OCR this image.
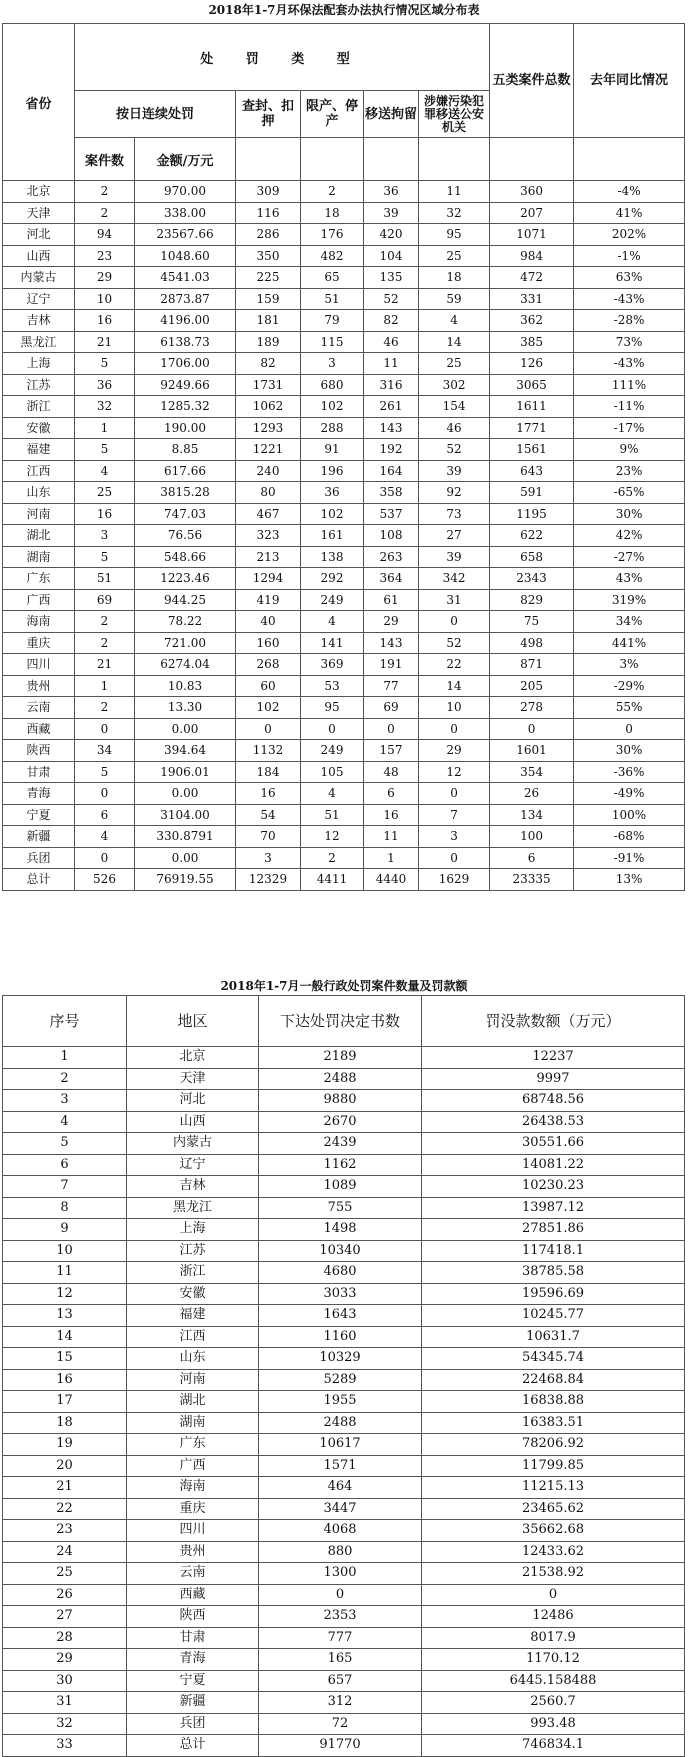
2018年1-7月环保法配套办法执行情况区域分布表
省份	处 罚 类 型						五类案件总数	去年同比情况
	按日连续处罚		查封、扣押	限产、停产	移送拘留	涉嫌污染犯罪移送公安机关		
	案件数	金额/万元						
北京	2	970.00	309	2	36	11	360	-4%
天津	2	338.00	116	18	39	32	207	41%
河北	94	23567.66	286	176	420	95	1071	202%
山西	23	1048.60	350	482	104	25	984	-1%
内蒙古	29	4541.03	225	65	135	18	472	63%
辽宁	10	2873.87	159	51	52	59	331	-43%
吉林	16	4196.00	181	79	82	4	362	-28%
黑龙江	21	6138.73	189	115	46	14	385	73%
上海	5	1706.00	82	3	11	25	126	-43%
江苏	36	9249.66	1731	680	316	302	3065	111%
浙江	32	1285.32	1062	102	261	154	1611	-11%
安徽	1	190.00	1293	288	143	46	1771	-17%
福建	5	8.85	1221	91	192	52	1561	9%
江西	4	617.66	240	196	164	39	643	23%
山东	25	3815.28	80	36	358	92	591	-65%
河南	16	747.03	467	102	537	73	1195	30%
湖北	3	76.56	323	161	108	27	622	42%
湖南	5	548.66	213	138	263	39	658	-27%
广东	51	1223.46	1294	292	364	342	2343	43%
广西	69	944.25	419	249	61	31	829	319%
海南	2	78.22	40	4	29	0	75	34%
重庆	2	721.00	160	141	143	52	498	441%
四川	21	6274.04	268	369	191	22	871	3%
贵州	1	10.83	60	53	77	14	205	-29%
云南	2	13.30	102	95	69	10	278	55%
西藏	0	0.00	0	0	0	0	0	0
陕西	34	394.64	1132	249	157	29	1601	30%
甘肃	5	1906.01	184	105	48	12	354	-36%
青海	0	0.00	16	4	6	0	26	-49%
宁夏	6	3104.00	54	51	16	7	134	100%
新疆	4	330.8791	70	12	11	3	100	-68%
兵团	0	0.00	3	2	1	0	6	-91%
总计	526	76919.55	12329	4411	4440	1629	23335	13%
2018年1-7月一般行政处罚案件数量及罚款额
序号	地区	下达处罚决定书数	罚没款数额（万元）
1	北京	2189	12237
2	天津	2488	9997
3	河北	9880	68748.56
4	山西	2670	26438.53
5	内蒙古	2439	30551.66
6	辽宁	1162	14081.22
7	吉林	1089	10230.23
8	黑龙江	755	13987.12
9	上海	1498	27851.86
10	江苏	10340	117418.1
11	浙江	4680	38785.58
12	安徽	3033	19596.69
13	福建	1643	10245.77
14	江西	1160	10631.7
15	山东	10329	54345.74
16	河南	5289	22468.84
17	湖北	1955	16838.88
18	湖南	2488	16383.51
19	广东	10617	78206.92
20	广西	1571	11799.85
21	海南	464	11215.13
22	重庆	3447	23465.62
23	四川	4068	35662.68
24	贵州	880	12433.62
25	云南	1300	21538.92
26	西藏	0	0
27	陕西	2353	12486
28	甘肃	777	8017.9
29	青海	165	1170.12
30	宁夏	657	6445.158488
31	新疆	312	2560.7
32	兵团	72	993.48
33	总计	91770	746834.1
